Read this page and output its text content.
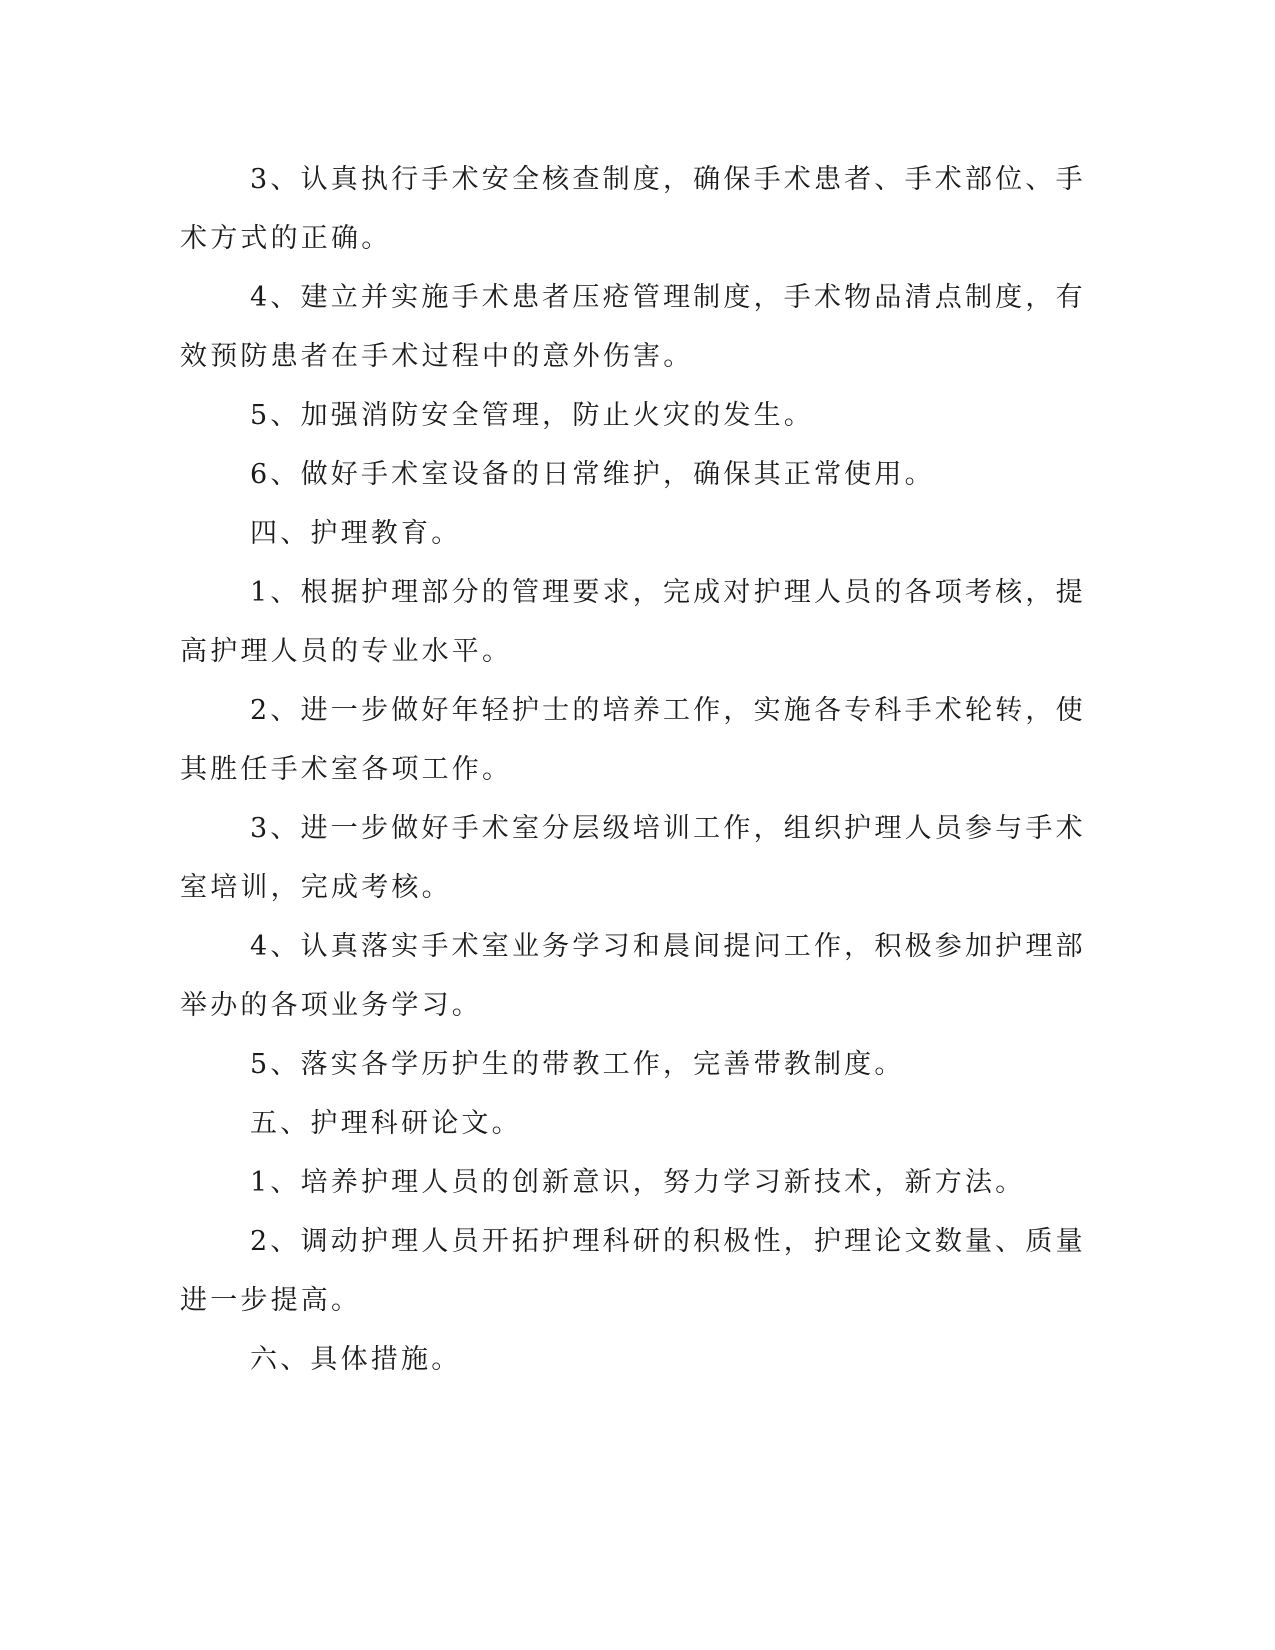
3、认真执行手术安全核查制度，确保手术患者、手术部位、手
术方式的正确。
4、建立并实施手术患者压疮管理制度，手术物品清点制度，有
效预防患者在手术过程中的意外伤害。
5、加强消防安全管理，防止火灾的发生。
6、做好手术室设备的日常维护，确保其正常使用。
四、护理教育。
1、根据护理部分的管理要求，完成对护理人员的各项考核，提
高护理人员的专业水平。
2、进一步做好年轻护士的培养工作，实施各专科手术轮转，使
其胜任手术室各项工作。
3、进一步做好手术室分层级培训工作，组织护理人员参与手术
室培训，完成考核。
4、认真落实手术室业务学习和晨间提问工作，积极参加护理部
举办的各项业务学习。
5、落实各学历护生的带教工作，完善带教制度。
五、护理科研论文。
1、培养护理人员的创新意识，努力学习新技术，新方法。
2、调动护理人员开拓护理科研的积极性，护理论文数量、质量
进一步提高。
六、具体措施。
